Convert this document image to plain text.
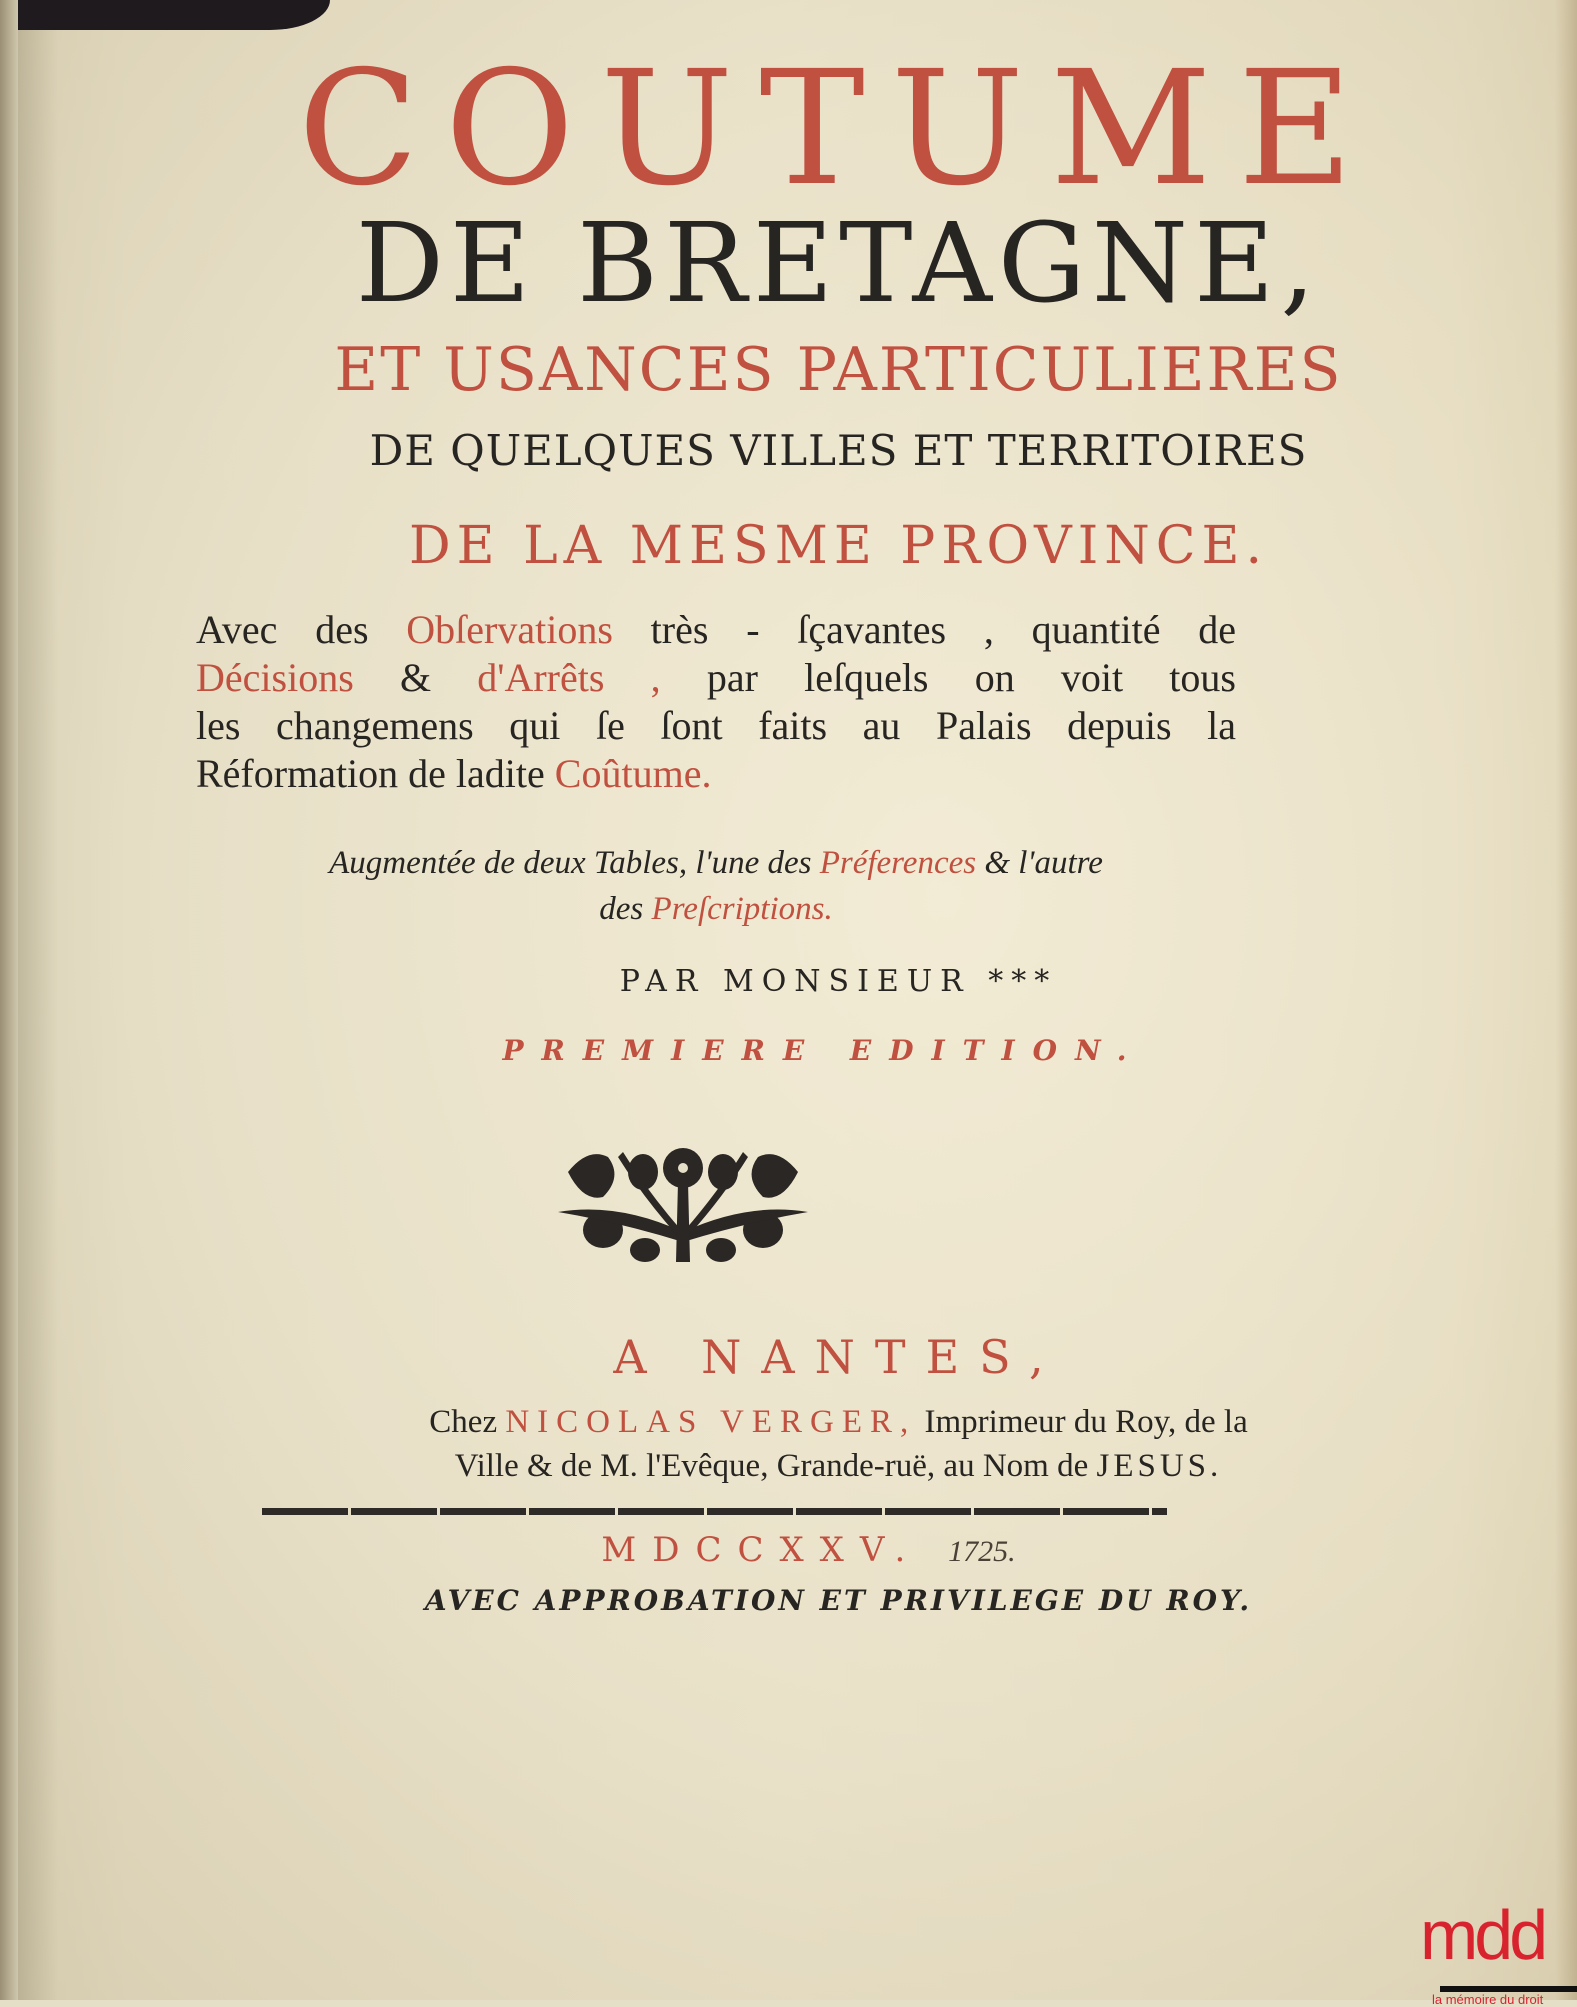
COUTUME
DE BRETAGNE,
ET USANCES PARTICULIERES
DE QUELQUES VILLES ET TERRITOIRES
DE LA MESME PROVINCE.
Avec des Obſervations très - ſçavantes , quantité de
Décisions & d'Arrêts , par leſquels on voit tous
les changemens qui ſe ſont faits au Palais depuis la
Réformation de ladite Coûtume.
Augmentée de deux Tables, l'une des Préferences & l'autre
des Preſcriptions.
PAR MONSIEUR ***
PREMIERE EDITION.
A NANTES,
Chez NICOLAS VERGER, Imprimeur du Roy, de la
Ville & de M. l'Evêque, Grande-ruë, au Nom de JESUS.
MDCCXXV. 1725.
AVEC APPROBATION ET PRIVILEGE DU ROY.
mdd
la mémoire du droit
